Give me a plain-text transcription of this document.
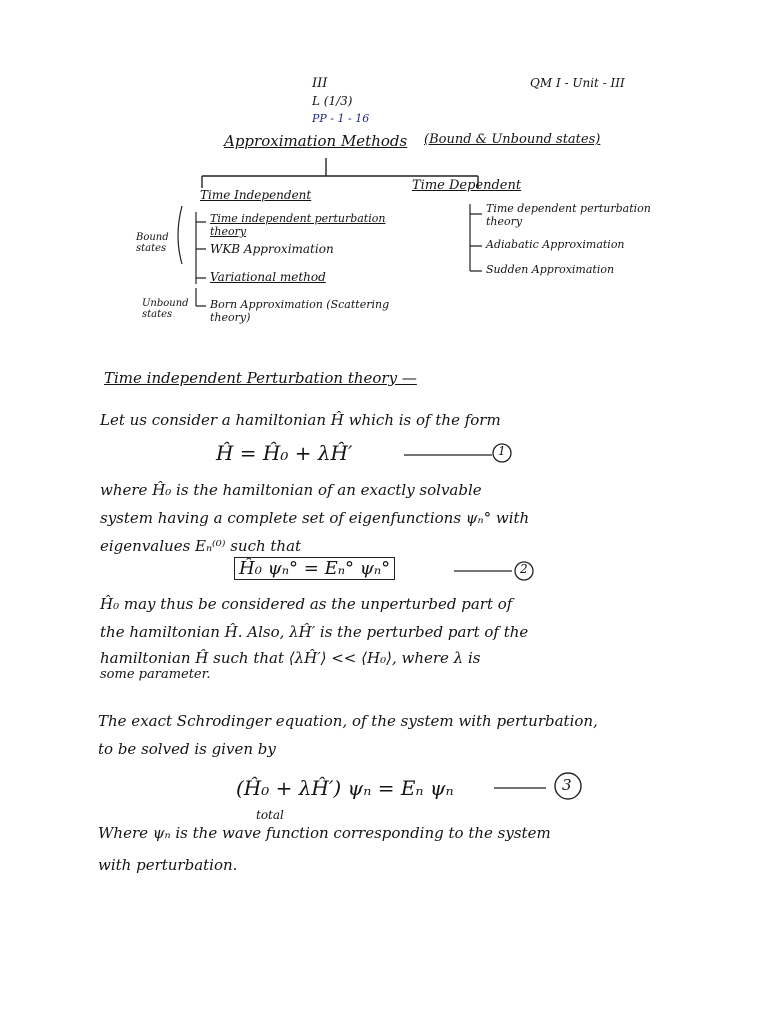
III
L (1/3)
PP - 1 - 16
QM I - Unit - III
Approximation Methods (Bound & Unbound states)
Time Independent
Time Dependent
Bound states
Unbound states
Time independent perturbation theory
WKB Approximation
Variational method
Born Approximation (Scattering theory)
Time dependent perturbation theory
Adiabatic Approximation
Sudden Approximation
Time independent Perturbation theory —
Let us consider a hamiltonian Ĥ which is of the form
Ĥ = Ĥ₀ + λĤ′	1
where Ĥ₀ is the hamiltonian of an exactly solvable
system having a complete set of eigenfunctions ψₙ° with
eigenvalues Eₙ⁽⁰⁾ such that
Ĥ₀ ψₙ° = Eₙ° ψₙ°	2
Ĥ₀ may thus be considered as the unperturbed part of
the hamiltonian Ĥ. Also, λĤ′ is the perturbed part of the
hamiltonian Ĥ such that ⟨λĤ′⟩ << ⟨H₀⟩, where λ is
some parameter.
The exact Schrodinger equation, of the system with perturbation,
to be solved is given by
(Ĥ₀ + λĤ′) ψₙ = Eₙ ψₙ	3
total
Where ψₙ is the wave function corresponding to the system
with perturbation.
